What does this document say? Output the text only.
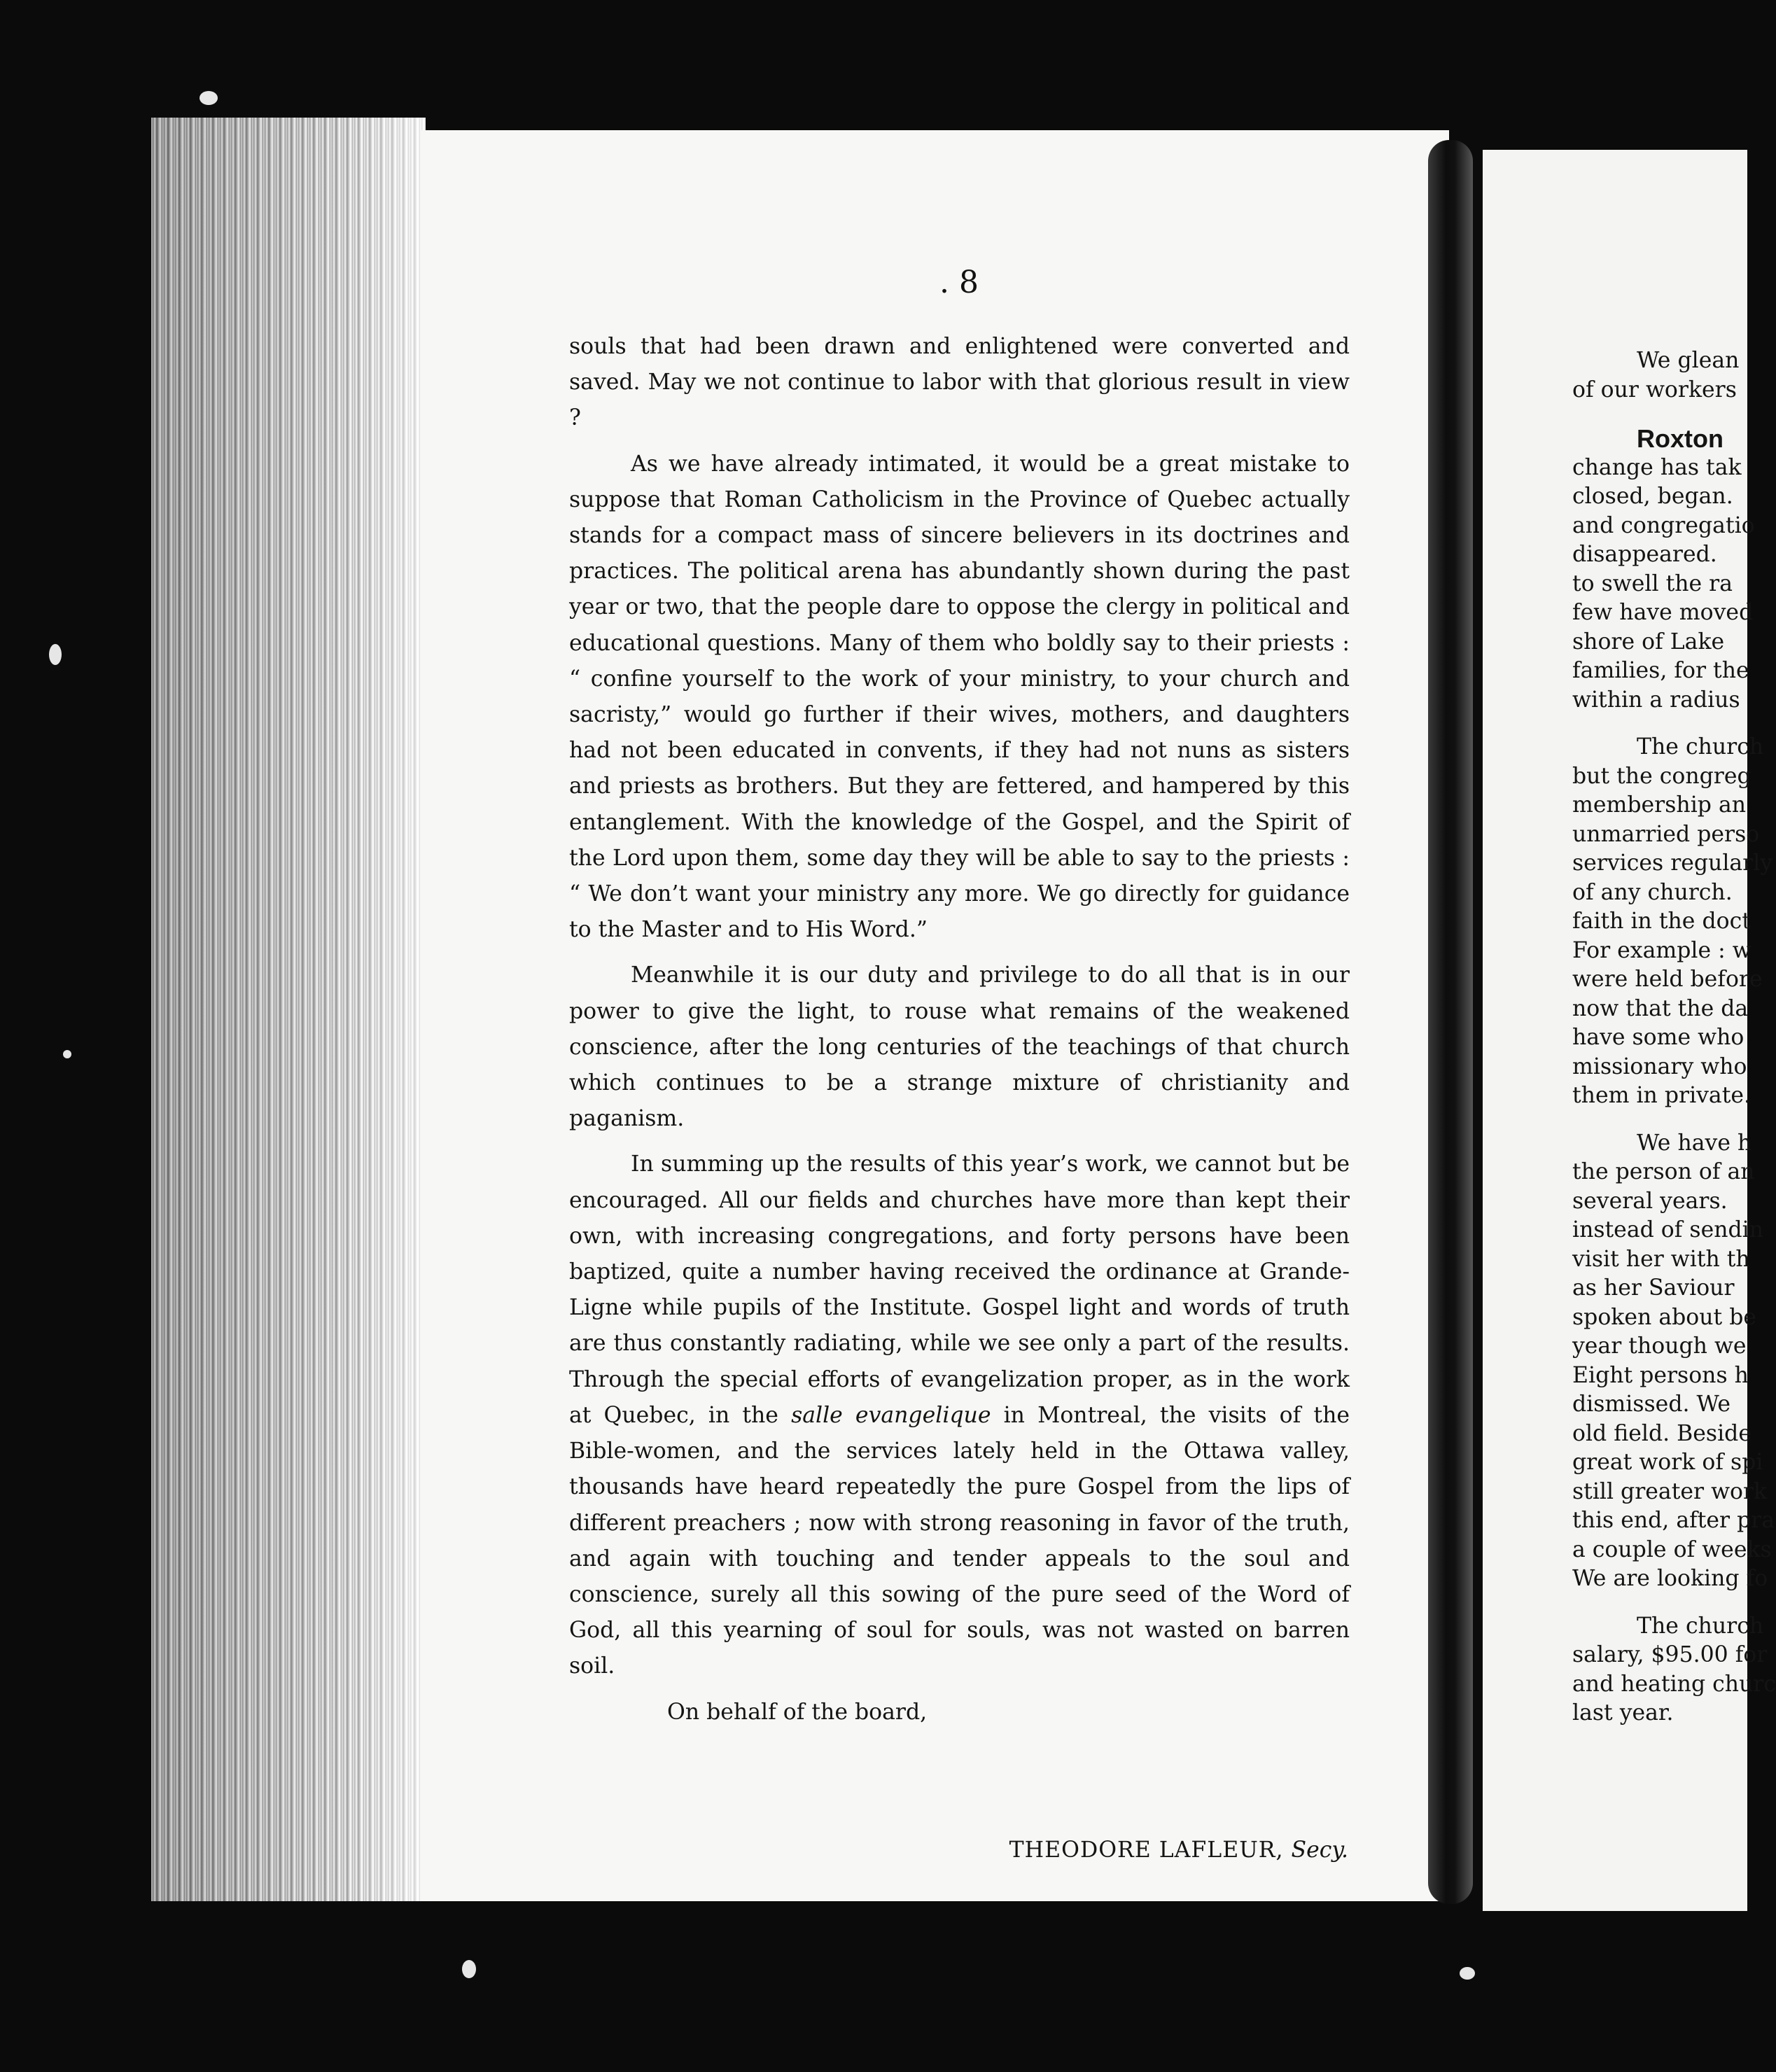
. 8

souls that had been drawn and enlightened were converted and saved. May we not continue to labor with that glorious result in view ?

As we have already intimated, it would be a great mistake to suppose that Roman Catholicism in the Province of Quebec actually stands for a compact mass of sincere believers in its doctrines and practices. The political arena has abundantly shown during the past year or two, that the people dare to oppose the clergy in political and educational questions. Many of them who boldly say to their priests : “ confine yourself to the work of your ministry, to your church and sacristy,” would go further if their wives, mothers, and daughters had not been educated in convents, if they had not nuns as sisters and priests as brothers. But they are fettered, and hampered by this entanglement. With the knowledge of the Gospel, and the Spirit of the Lord upon them, some day they will be able to say to the priests : “ We don’t want your ministry any more. We go directly for guidance to the Master and to His Word.”

Meanwhile it is our duty and privilege to do all that is in our power to give the light, to rouse what remains of the weakened conscience, after the long centuries of the teachings of that church which continues to be a strange mixture of christianity and paganism.

In summing up the results of this year’s work, we cannot but be encouraged. All our fields and churches have more than kept their own, with increasing congregations, and forty persons have been baptized, quite a number having received the ordinance at Grande-Ligne while pupils of the Institute. Gospel light and words of truth are thus constantly radiating, while we see only a part of the results. Through the special efforts of evangelization proper, as in the work at Quebec, in the salle evangelique in Montreal, the visits of the Bible-women, and the services lately held in the Ottawa valley, thousands have heard repeatedly the pure Gospel from the lips of different preachers ; now with strong reasoning in favor of the truth, and again with touching and tender appeals to the soul and conscience, surely all this sowing of the pure seed of the Word of God, all this yearning of soul for souls, was not wasted on barren soil.

On behalf of the board,

THEODORE LAFLEUR, Secy.
We glean
of our workers
Roxton
change has tak
closed, began.
and congregatio
disappeared.
to swell the ra
few have moved
shore of Lake
families, for the
within a radius
The church
but the congreg
membership an
unmarried perso
services regularly
of any church.
faith in the doct
For example : w
were held before
now that the da
have some who
missionary who
them in private.
We have h
the person of an
several years.
instead of sendin
visit her with th
as her Saviour
spoken about be
year though we
Eight persons h
dismissed. We
old field. Beside
great work of spi
still greater work
this end, after pra
a couple of weeks
We are looking fo
The church
salary, $95.00 for
and heating churc
last year.
